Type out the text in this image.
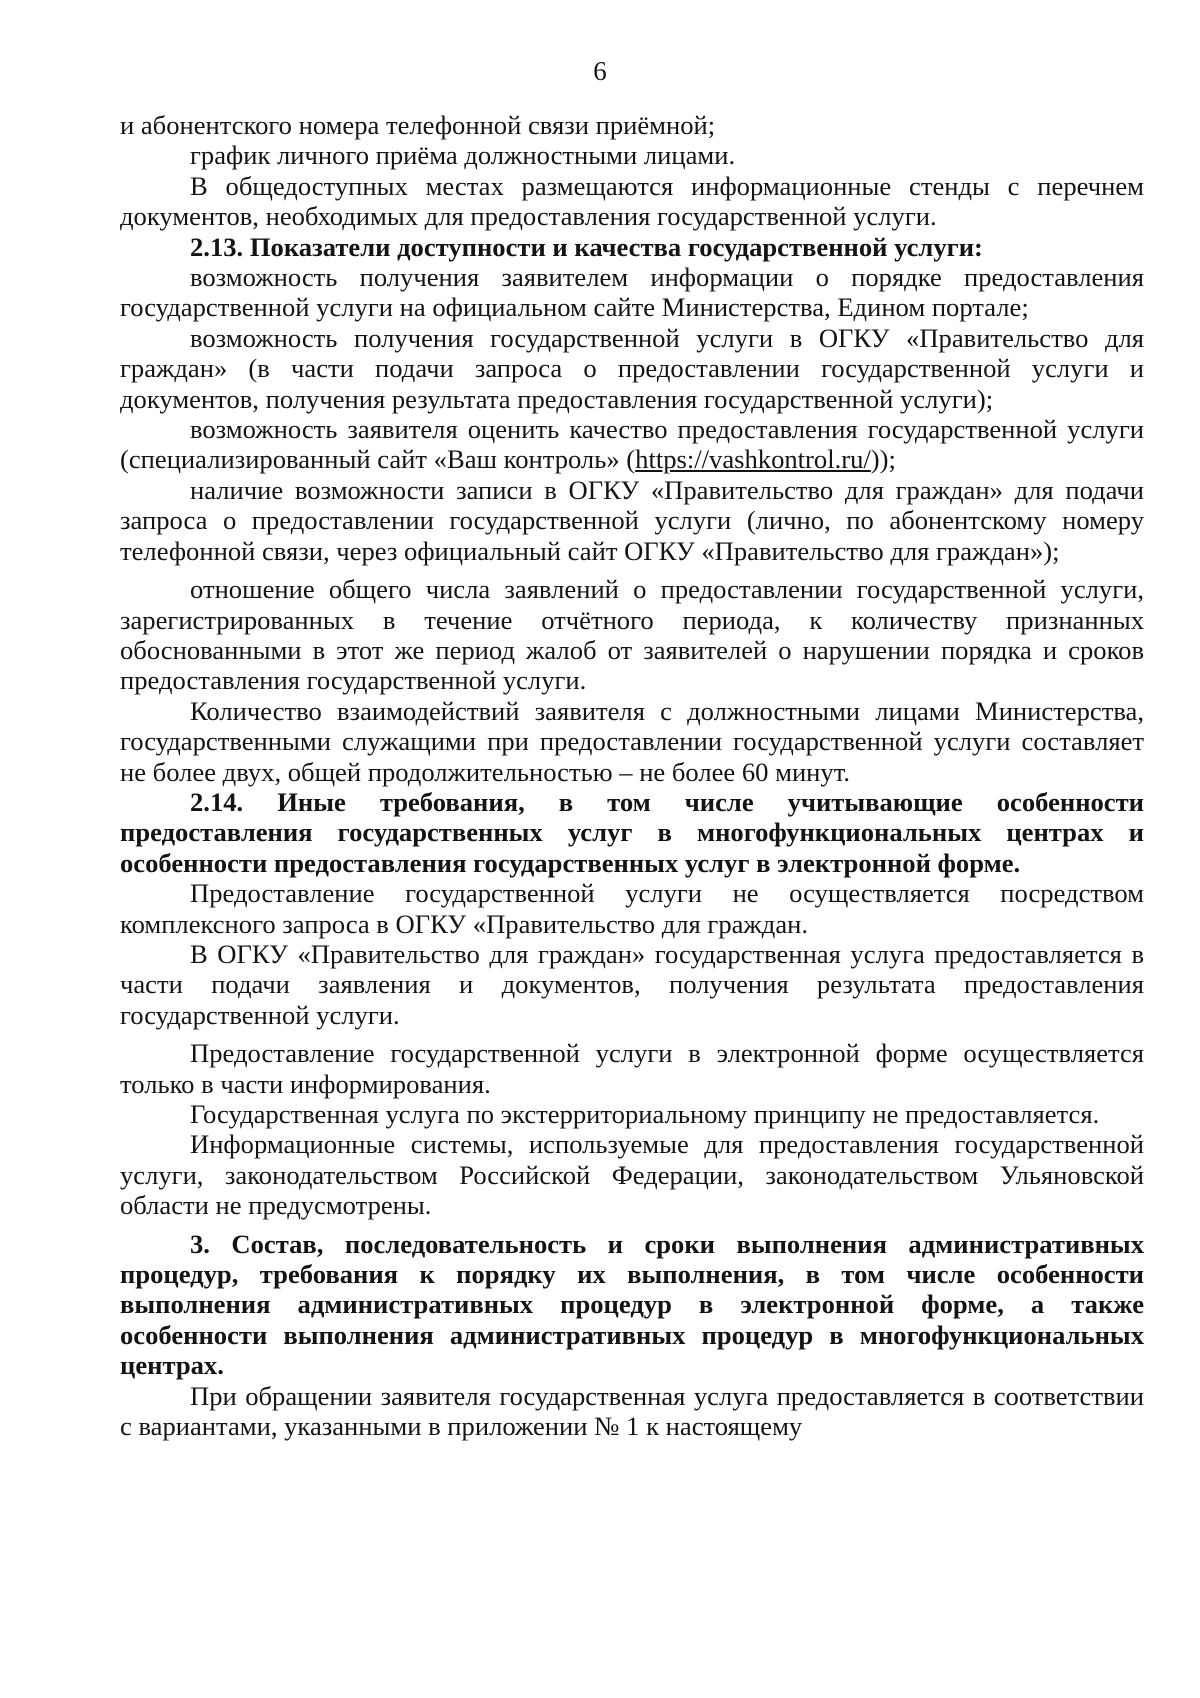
6

и абонентского номера телефонной связи приёмной;

график личного приёма должностными лицами.

В общедоступных местах размещаются информационные стенды с перечнем документов, необходимых для предоставления государственной услуги.

2.13. Показатели доступности и качества государственной услуги:

возможность получения заявителем информации о порядке предоставления государственной услуги на официальном сайте Министерства, Едином портале;

возможность получения государственной услуги в ОГКУ «Правительство для граждан» (в части подачи запроса о предоставлении государственной услуги и документов, получения результата предоставления государственной услуги);

возможность заявителя оценить качество предоставления государственной услуги (специализированный сайт «Ваш контроль» (https://vashkontrol.ru/));

наличие возможности записи в ОГКУ «Правительство для граждан» для подачи запроса о предоставлении государственной услуги (лично, по абонентскому номеру телефонной связи, через официальный сайт ОГКУ «Правительство для граждан»);

отношение общего числа заявлений о предоставлении государственной услуги, зарегистрированных в течение отчётного периода, к количеству признанных обоснованными в этот же период жалоб от заявителей о нарушении порядка и сроков предоставления государственной услуги.

Количество взаимодействий заявителя с должностными лицами Министерства, государственными служащими при предоставлении государственной услуги составляет не более двух, общей продолжительностью – не более 60 минут.

2.14. Иные требования, в том числе учитывающие особенности предоставления государственных услуг в многофункциональных центрах и особенности предоставления государственных услуг в электронной форме.

Предоставление государственной услуги не осуществляется посредством комплексного запроса в ОГКУ «Правительство для граждан.

В ОГКУ «Правительство для граждан» государственная услуга предоставляется в части подачи заявления и документов, получения результата предоставления государственной услуги.

Предоставление государственной услуги в электронной форме осуществляется только в части информирования.

Государственная услуга по экстерриториальному принципу не предоставляется.

Информационные системы, используемые для предоставления государственной услуги, законодательством Российской Федерации, законодательством Ульяновской области не предусмотрены.

3. Состав, последовательность и сроки выполнения административных процедур, требования к порядку их выполнения, в том числе особенности выполнения административных процедур в электронной форме, а также особенности выполнения административных процедур в многофункциональных центрах.

При обращении заявителя государственная услуга предоставляется в соответствии с вариантами, указанными в приложении № 1 к настоящему
